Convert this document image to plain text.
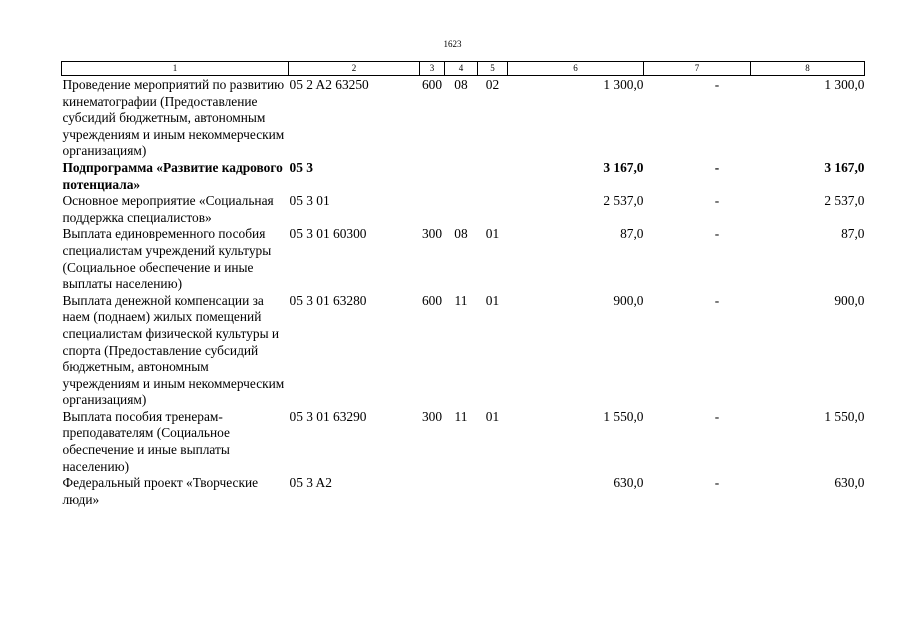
1623
1	2	3	4	5	6	7	8
Проведение мероприятий по развитию кинематографии (Предоставление субсидий бюджетным, автономным учреждениям и иным некоммерческим организациям)	05 2 A2 63250	600	08	02	1 300,0	-	1 300,0
Подпрограмма «Развитие кадрового потенциала»	05 3				3 167,0	-	3 167,0
Основное мероприятие «Социальная поддержка специалистов»	05 3 01				2 537,0	-	2 537,0
Выплата единовременного пособия специалистам учреждений культуры (Социальное обеспечение и иные выплаты населению)	05 3 01 60300	300	08	01	87,0	-	87,0
Выплата денежной компенсации за наем (поднаем) жилых помещений специалистам физической культуры и спорта (Предоставление субсидий бюджетным, автономным учреждениям и иным некоммерческим организациям)	05 3 01 63280	600	11	01	900,0	-	900,0
Выплата пособия тренерам-преподавателям (Социальное обеспечение и иные выплаты населению)	05 3 01 63290	300	11	01	1 550,0	-	1 550,0
Федеральный проект «Творческие люди»	05 3 A2				630,0	-	630,0
